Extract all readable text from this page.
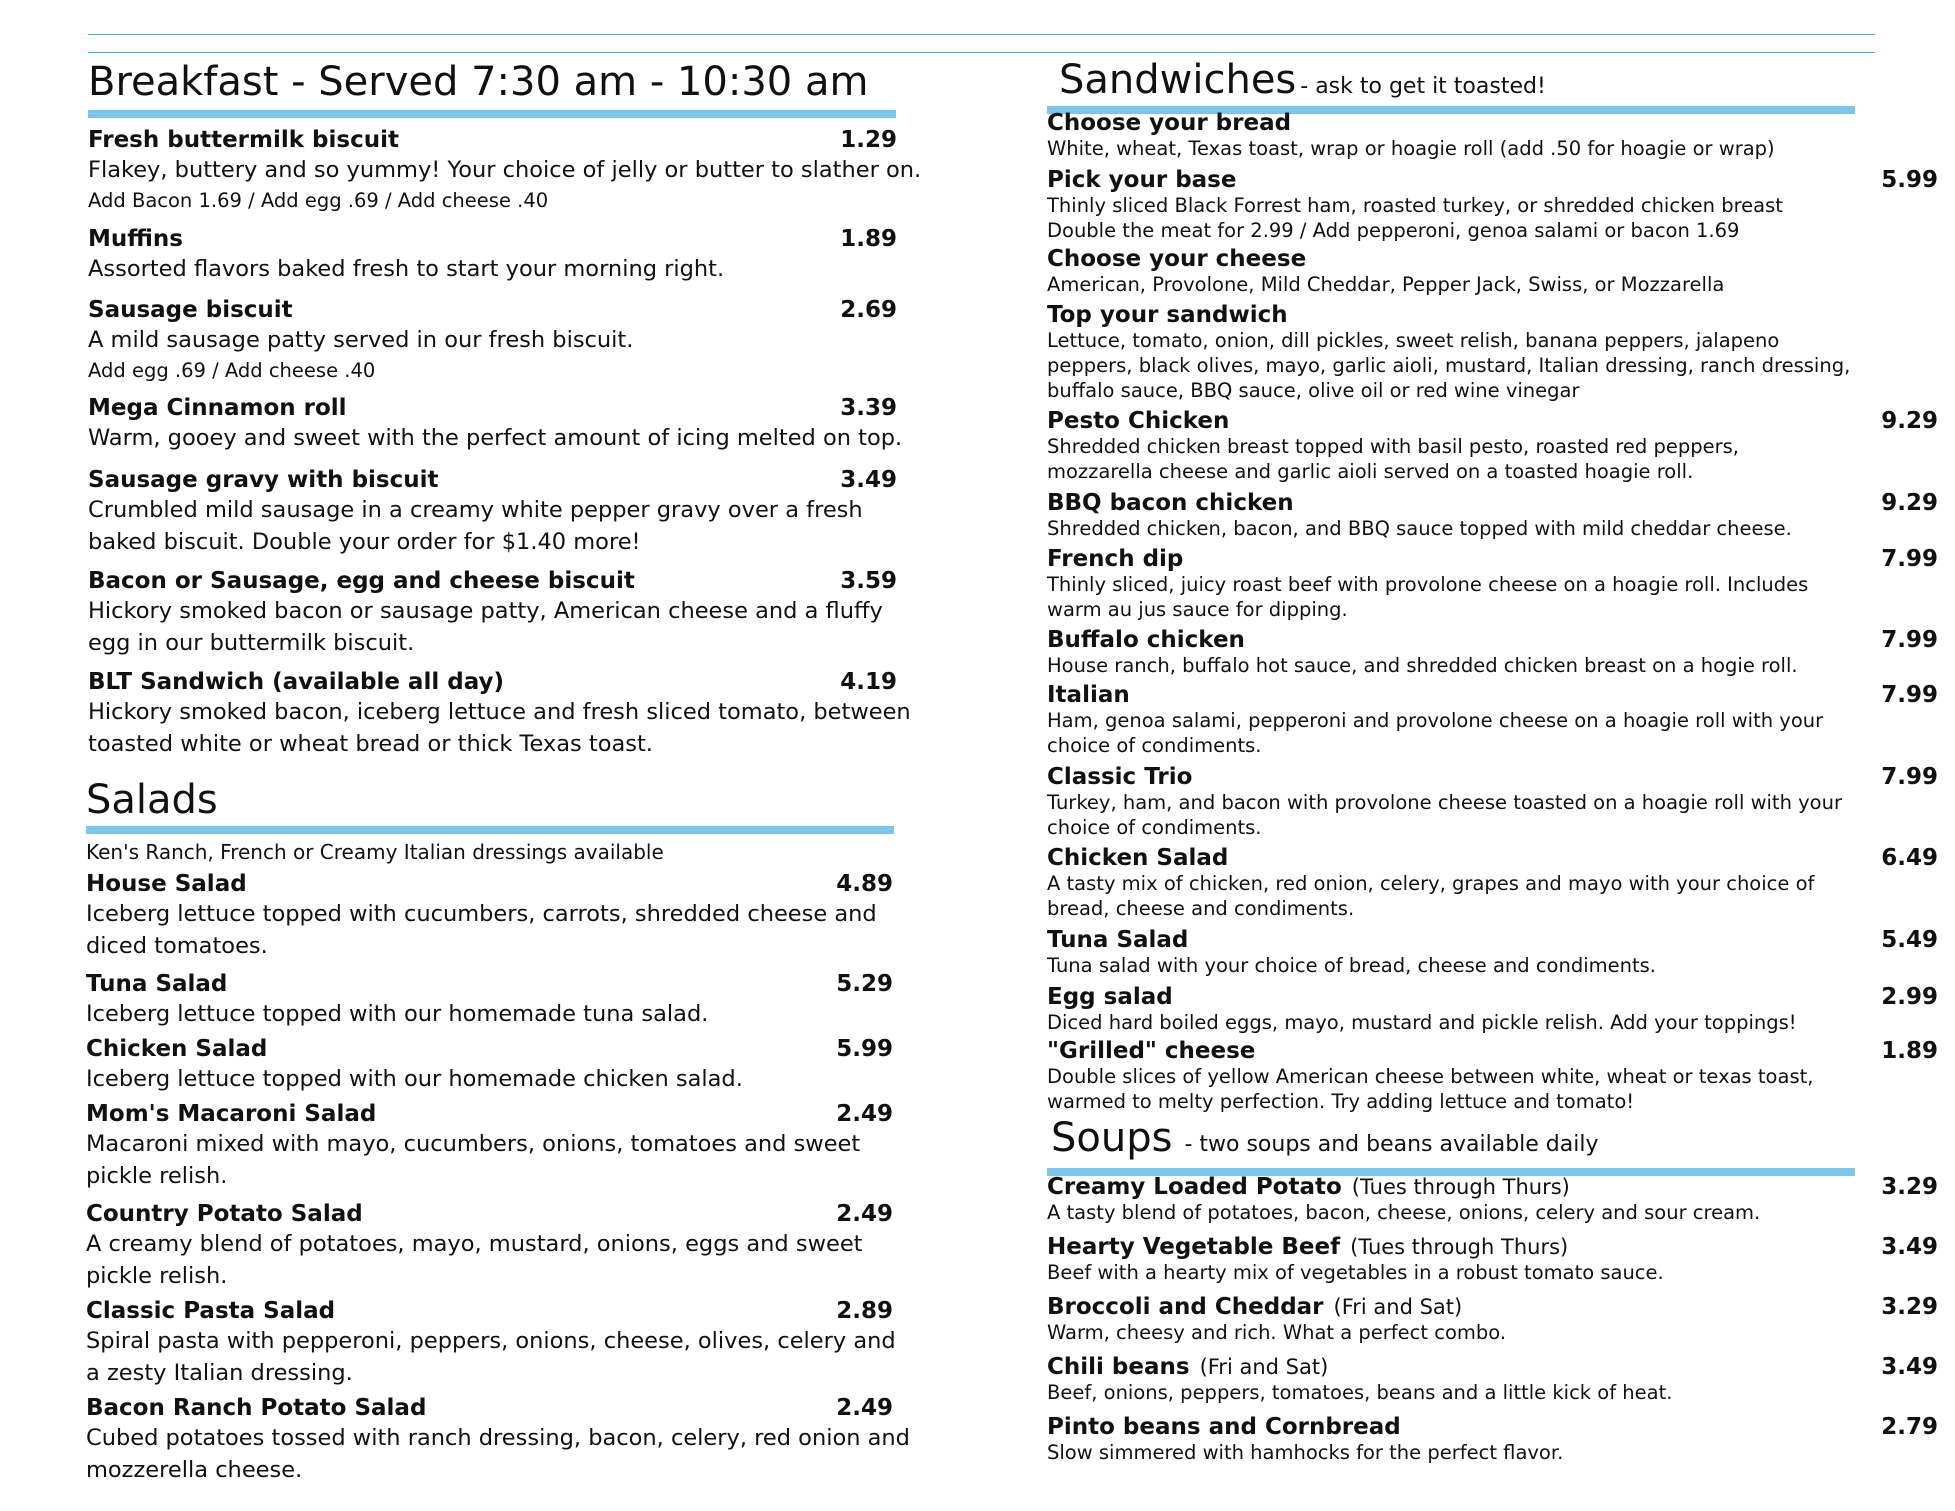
Breakfast - Served 7:30 am - 10:30 am
Fresh buttermilk biscuit	1.29
Flakey, buttery and so yummy! Your choice of jelly or butter to slather on.
Add Bacon 1.69 / Add egg .69 / Add cheese .40
Muffins	1.89
Assorted flavors baked fresh to start your morning right.
Sausage biscuit	2.69
A mild sausage patty served in our fresh biscuit.
Add egg .69 / Add cheese .40
Mega Cinnamon roll	3.39
Warm, gooey and sweet with the perfect amount of icing melted on top.
Sausage gravy with biscuit	3.49
Crumbled mild sausage in a creamy white pepper gravy over a fresh
baked biscuit. Double your order for $1.40 more!
Bacon or Sausage, egg and cheese biscuit	3.59
Hickory smoked bacon or sausage patty, American cheese and a fluffy
egg in our buttermilk biscuit.
BLT Sandwich (available all day)	4.19
Hickory smoked bacon, iceberg lettuce and fresh sliced tomato, between
toasted white or wheat bread or thick Texas toast.
Salads
Ken's Ranch, French or Creamy Italian dressings available
House Salad	4.89
Iceberg lettuce topped with cucumbers, carrots, shredded cheese and
diced tomatoes.
Tuna Salad	5.29
Iceberg lettuce topped with our homemade tuna salad.
Chicken Salad	5.99
Iceberg lettuce topped with our homemade chicken salad.
Mom's Macaroni Salad	2.49
Macaroni mixed with mayo, cucumbers, onions, tomatoes and sweet
pickle relish.
Country Potato Salad	2.49
A creamy blend of potatoes, mayo, mustard, onions, eggs and sweet
pickle relish.
Classic Pasta Salad	2.89
Spiral pasta with pepperoni, peppers, onions, cheese, olives, celery and
a zesty Italian dressing.
Bacon Ranch Potato Salad	2.49
Cubed potatoes tossed with ranch dressing, bacon, celery, red onion and
mozzerella cheese.
Sandwiches - ask to get it toasted!
Choose your bread
White, wheat, Texas toast, wrap or hoagie roll (add .50 for hoagie or wrap)
Pick your base	5.99
Thinly sliced Black Forrest ham, roasted turkey, or shredded chicken breast
Double the meat for 2.99 / Add pepperoni, genoa salami or bacon 1.69
Choose your cheese
American, Provolone, Mild Cheddar, Pepper Jack, Swiss, or Mozzarella
Top your sandwich
Lettuce, tomato, onion, dill pickles, sweet relish, banana peppers, jalapeno
peppers, black olives, mayo, garlic aioli, mustard, Italian dressing, ranch dressing,
buffalo sauce, BBQ sauce, olive oil or red wine vinegar
Pesto Chicken	9.29
Shredded chicken breast topped with basil pesto, roasted red peppers,
mozzarella cheese and garlic aioli served on a toasted hoagie roll.
BBQ bacon chicken	9.29
Shredded chicken, bacon, and BBQ sauce topped with mild cheddar cheese.
French dip	7.99
Thinly sliced, juicy roast beef with provolone cheese on a hoagie roll. Includes
warm au jus sauce for dipping.
Buffalo chicken	7.99
House ranch, buffalo hot sauce, and shredded chicken breast on a hogie roll.
Italian	7.99
Ham, genoa salami, pepperoni and provolone cheese on a hoagie roll with your
choice of condiments.
Classic Trio	7.99
Turkey, ham, and bacon with provolone cheese toasted on a hoagie roll with your
choice of condiments.
Chicken Salad	6.49
A tasty mix of chicken, red onion, celery, grapes and mayo with your choice of
bread, cheese and condiments.
Tuna Salad	5.49
Tuna salad with your choice of bread, cheese and condiments.
Egg salad	2.99
Diced hard boiled eggs, mayo, mustard and pickle relish. Add your toppings!
"Grilled" cheese	1.89
Double slices of yellow American cheese between white, wheat or texas toast,
warmed to melty perfection. Try adding lettuce and tomato!
Soups - two soups and beans available daily
Creamy Loaded Potato (Tues through Thurs)	3.29
A tasty blend of potatoes, bacon, cheese, onions, celery and sour cream.
Hearty Vegetable Beef (Tues through Thurs)	3.49
Beef with a hearty mix of vegetables in a robust tomato sauce.
Broccoli and Cheddar (Fri and Sat)	3.29
Warm, cheesy and rich. What a perfect combo.
Chili beans (Fri and Sat)	3.49
Beef, onions, peppers, tomatoes, beans and a little kick of heat.
Pinto beans and Cornbread	2.79
Slow simmered with hamhocks for the perfect flavor.
